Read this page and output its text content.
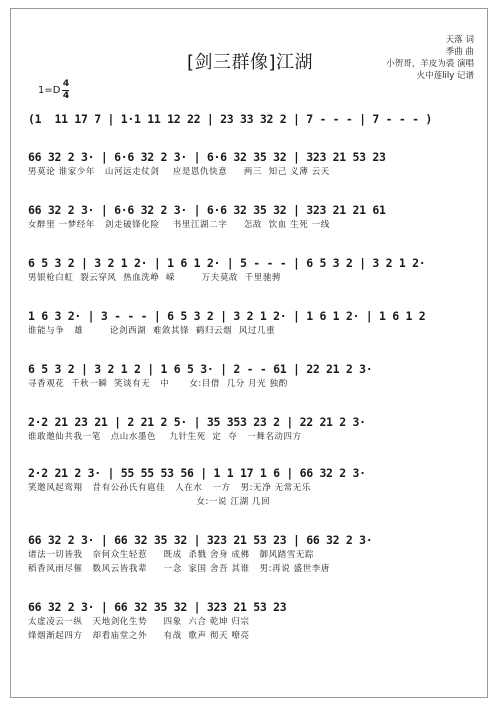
[剑三群像]江湖
天落 词
季曲 曲
小贺哥，羊皮为裘 演唱
火中莲lily 记谱
$1=D \frac{4}{4}$
(1  11 17 7 | 1·1 11 12 22 | 23 33 32 2 | 7 - - - | 7 - - - )
66 32 2 3· | 6·6 32 2 3· | 6·6 32 35 32 | 323 21 53 23
男莫论 谁家少年   山河远走仗剑    应是恩仇快意     两三  知己 义薄 云天
66 32 2 3· | 6·6 32 2 3· | 6·6 32 35 32 | 323 21 21 61
女醉里 一梦经年   剑走破锋化险    书里江湖二字     怎敌  饮血 生死 一线
6 5 3 2 | 3 2 1 2· | 1 6 1 2· | 5 - - - | 6 5 3 2 | 3 2 1 2·
男银枪白虹  裂云穿风  热血洗峥  嵘        万夫莫敌  千里驰骋
1 6 3 2· | 3 - - - | 6 5 3 2 | 3 2 1 2· | 1 6 1 2· | 1 6 1 2
谁能与争   雄        论剑西湖  难敛其锋  鹤归云烟  风过几重
6 5 3 2 | 3 2 1 2 | 1 6 5 3· | 2 - - 61 | 22 21 2 3·
寻香观花  千秋一瞬  笑谈有无   中      女:目借  几分 月光 独酌
2·2 21 23 21 | 2 21 2 5· | 35 353 23 2 | 22 21 2 3·
谁敢邀仙共我一笔   点山水墨色    九针生死  定  夺   一舞名动四方
2·2 21 2 3· | 55 55 53 56 | 1 1 17 1 6 | 66 32 2 3·
笑邀风起鸾翔   昔有公孙氏有扈佳   人在水   一方   男:无净 无常无乐
女:一说 江湖 几回
66 32 2 3· | 66 32 35 32 | 323 21 53 23 | 66 32 2 3·
诸法一切皆我   奈何众生轻惹     既成  杀戮 舍身 成佛   御风踏雪无踪
稻香风雨尽催   数风云皆我辈     一念  家国 舍吾 其谁   男:再说 盛世李唐
66 32 2 3· | 66 32 35 32 | 323 21 53 23
太虚凌云一纵   天地剑化生势     四象  六合 乾坤 归宗
烽烟渐起四方   却看庙堂之外     有战  歌声 彻天 嘹亮
